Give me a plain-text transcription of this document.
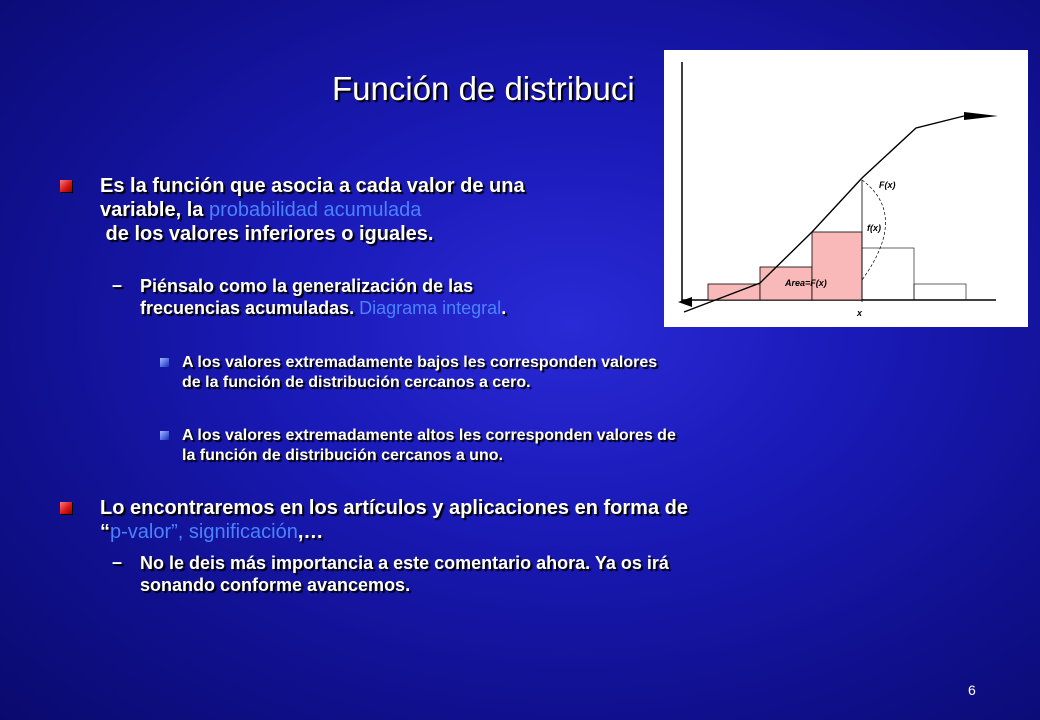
Función de distribuci
F(x)
f(x)
Area=F(x)
x
Es la función que asocia a cada valor de una
variable, la probabilidad acumulada
de los valores inferiores o iguales.
– Piénsalo como la generalización de las
frecuencias acumuladas. Diagrama integral.
A los valores extremadamente bajos les corresponden valores
de la función de distribución cercanos a cero.
A los valores extremadamente altos les corresponden valores de
la función de distribución cercanos a uno.
Lo encontraremos en los artículos y aplicaciones en forma de
“p-valor”, significación,…
– No le deis más importancia a este comentario ahora. Ya os irá
sonando conforme avancemos.
6
